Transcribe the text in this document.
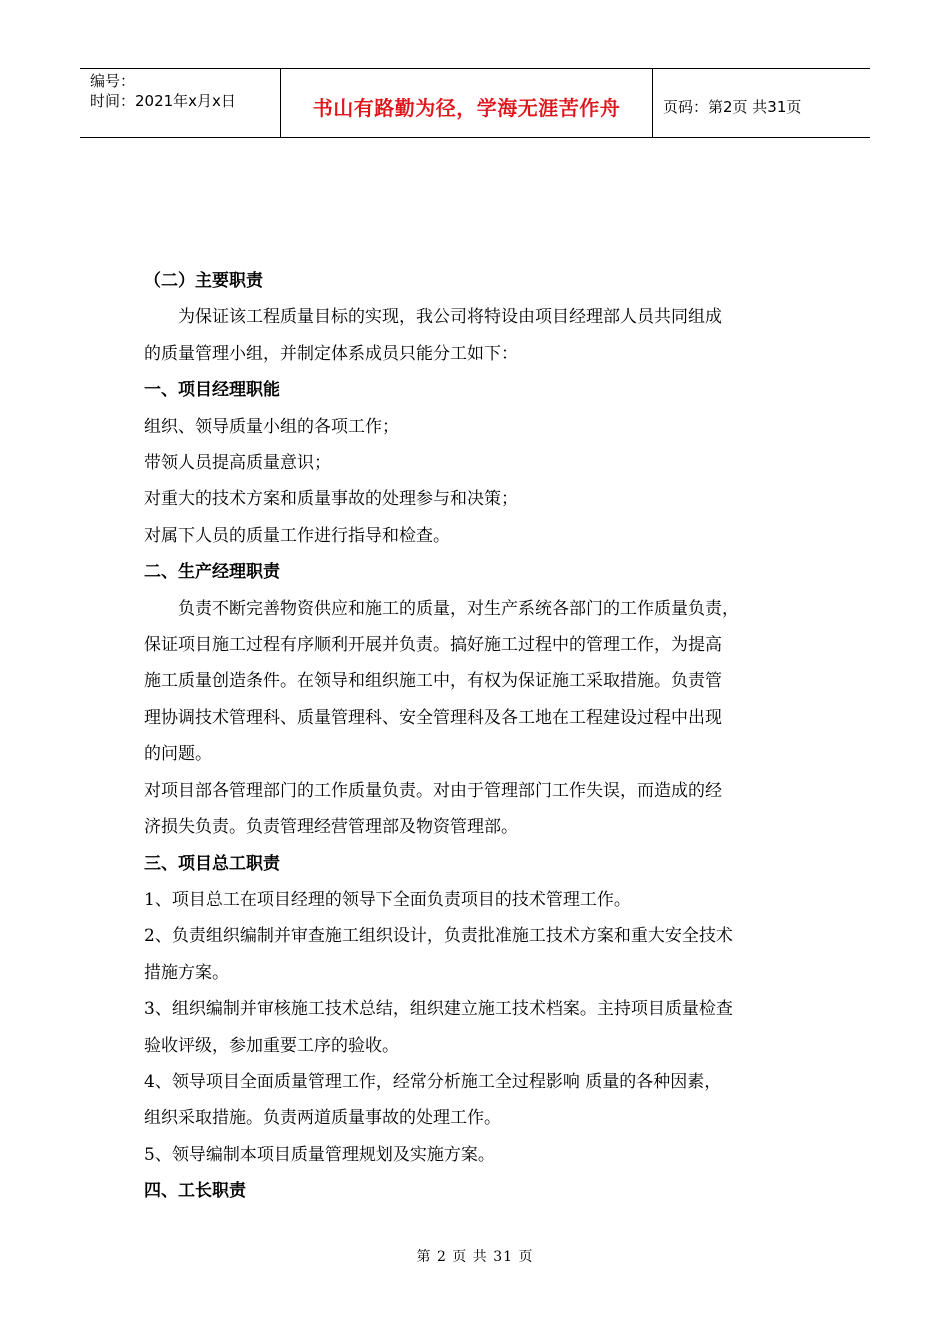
编号：
时间：2021年x月x日	书山有路勤为径，学海无涯苦作舟	页码：第2页 共31页

（二）主要职责

为保证该工程质量目标的实现，我公司将特设由项目经理部人员共同组成

的质量管理小组，并制定体系成员只能分工如下：

一、项目经理职能

组织、领导质量小组的各项工作；

带领人员提高质量意识；

对重大的技术方案和质量事故的处理参与和决策；

对属下人员的质量工作进行指导和检查。

二、生产经理职责

负责不断完善物资供应和施工的质量，对生产系统各部门的工作质量负责，

保证项目施工过程有序顺利开展并负责。搞好施工过程中的管理工作，为提高

施工质量创造条件。在领导和组织施工中，有权为保证施工采取措施。负责管

理协调技术管理科、质量管理科、安全管理科及各工地在工程建设过程中出现

的问题。

对项目部各管理部门的工作质量负责。对由于管理部门工作失误，而造成的经

济损失负责。负责管理经营管理部及物资管理部。

三、项目总工职责

1、项目总工在项目经理的领导下全面负责项目的技术管理工作。

2、负责组织编制并审查施工组织设计，负责批准施工技术方案和重大安全技术

措施方案。

3、组织编制并审核施工技术总结，组织建立施工技术档案。主持项目质量检查

验收评级，参加重要工序的验收。

4、领导项目全面质量管理工作，经常分析施工全过程影响 质量的各种因素，

组织采取措施。负责两道质量事故的处理工作。

5、领导编制本项目质量管理规划及实施方案。

四、工长职责

第 2 页 共 31 页
